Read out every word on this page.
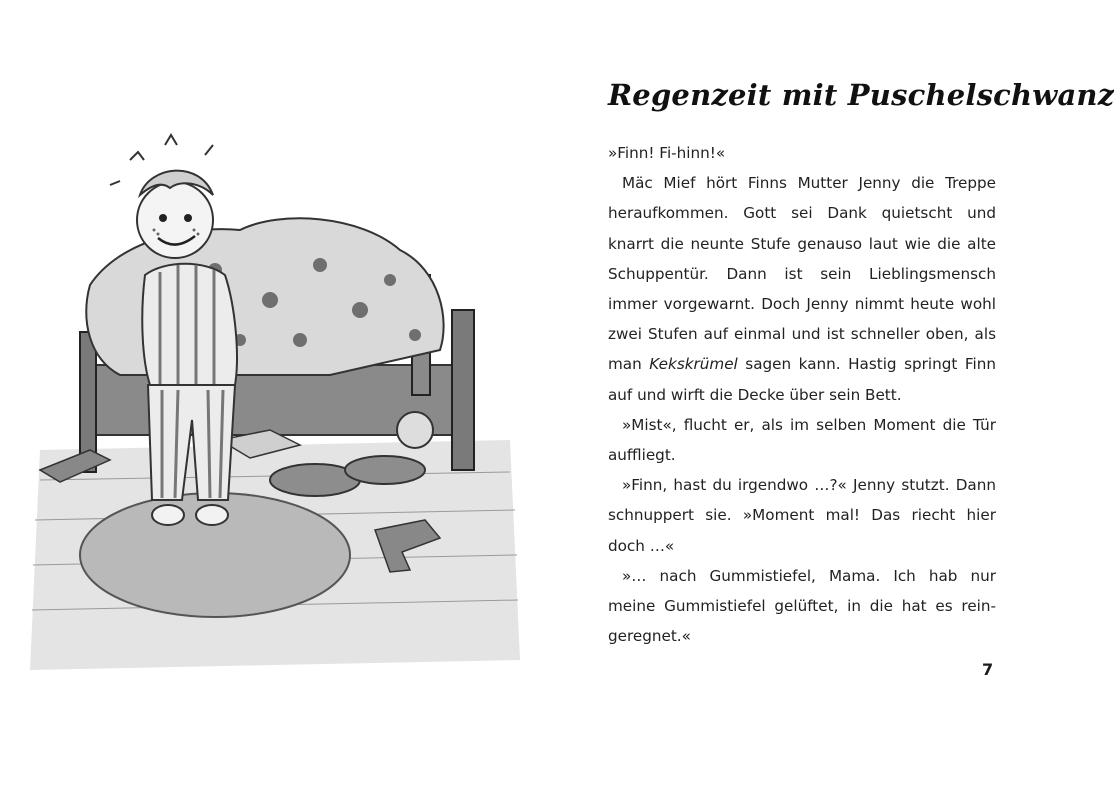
Regenzeit mit Puschelschwanz

»Finn! Fi-hinn!«

Mäc Mief hört Finns Mutter Jenny die Treppe heraufkommen. Gott sei Dank quietscht und knarrt die neunte Stufe genauso laut wie die alte Schuppentür. Dann ist sein Lieblingsmensch immer vorgewarnt. Doch Jenny nimmt heute wohl zwei Stufen auf einmal und ist schneller oben, als man Kekskrümel sagen kann. Hastig springt Finn auf und wirft die Decke über sein Bett.

»Mist«, flucht er, als im selben Moment die Tür auffliegt.

»Finn, hast du irgendwo …?« Jenny stutzt. Dann schnuppert sie. »Moment mal! Das riecht hier doch …«

»… nach Gummistiefel, Mama. Ich hab nur meine Gummistiefel gelüftet, in die hat es reingeregnet.«

7
